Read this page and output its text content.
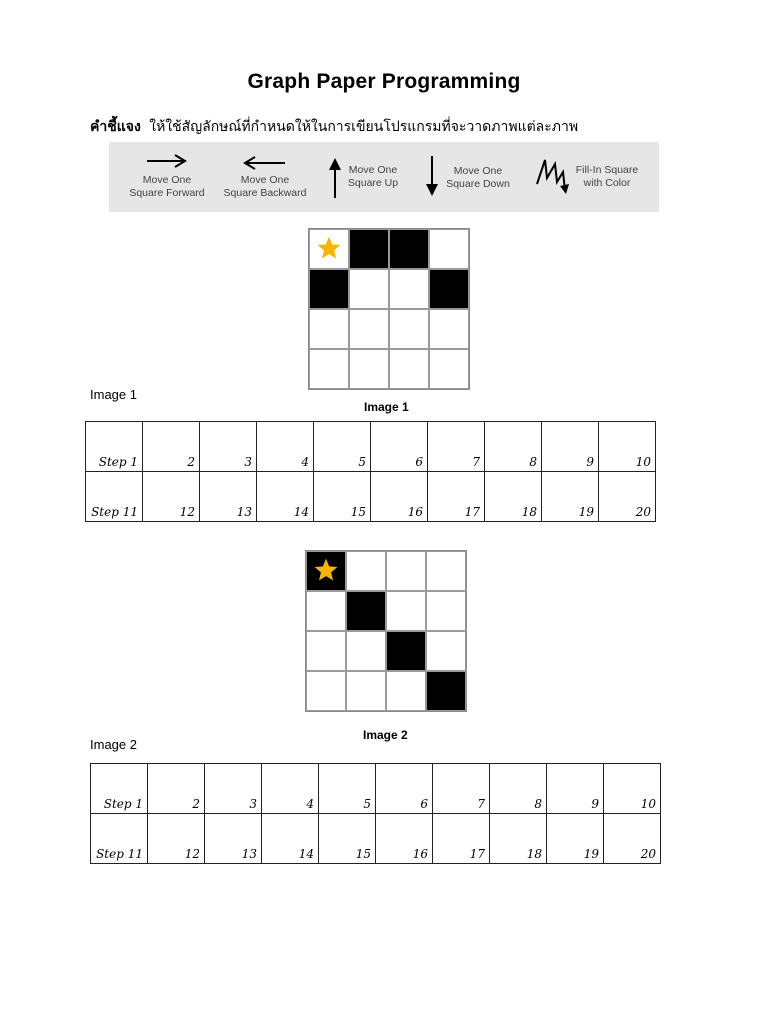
Graph Paper Programming
คำชี้แจง ให้ใช้สัญลักษณ์ที่กำหนดให้ในการเขียนโปรแกรมที่จะวาดภาพแต่ละภาพ
Move One
Square Forward
Move One
Square Backward
Move One
Square Up
Move One
Square Down
Fill-In Square
with Color
Image 1
Image 1
Step 1	2	3	4	5	6	7	8	9	10
Step 11	12	13	14	15	16	17	18	19	20
Image 2
Image 2
Step 1	2	3	4	5	6	7	8	9	10
Step 11	12	13	14	15	16	17	18	19	20
